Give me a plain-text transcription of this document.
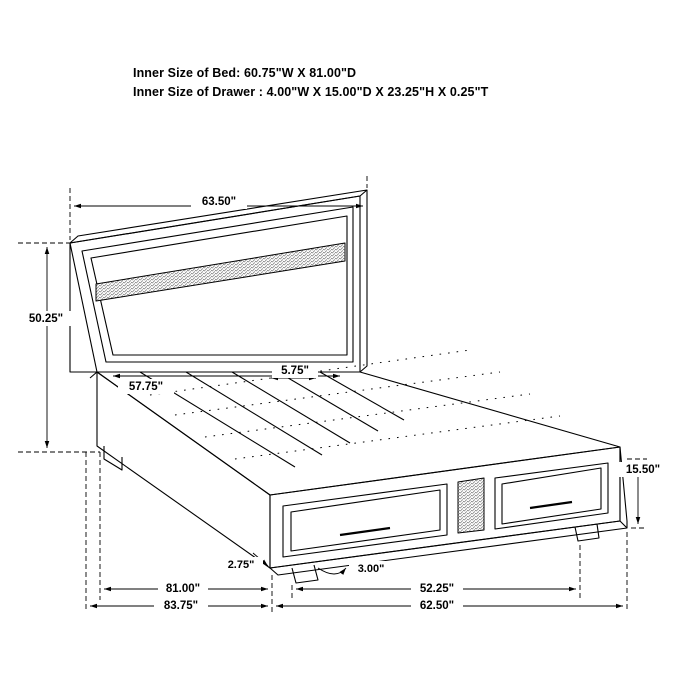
Inner Size of Bed: 60.75"W X 81.00"D
Inner Size of Drawer : 4.00"W X 15.00"D X 23.25"H X 0.25"T
63.50"
50.25"
57.75"
5.75"
15.50"
2.75"	3.00"
81.00"
83.75"
52.25"
62.50"
